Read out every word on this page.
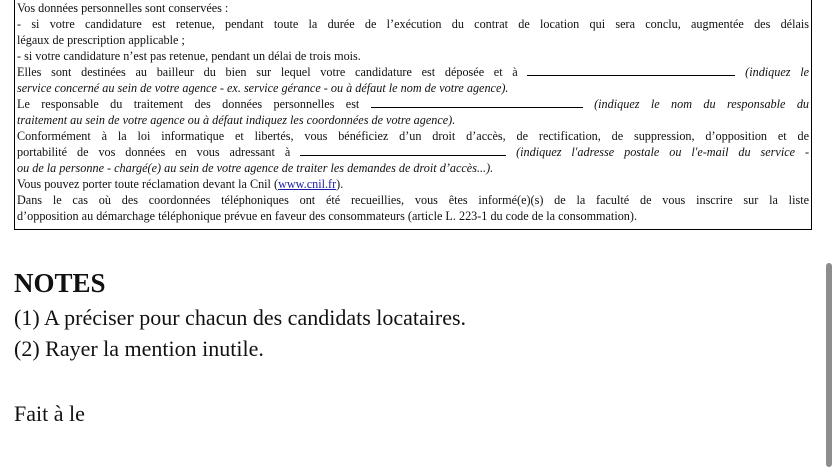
Vos données personnelles sont conservées :

- si votre candidature est retenue, pendant toute la durée de l’exécution du contrat de location qui sera conclu, augmentée des délais

légaux de prescription applicable ;

- si votre candidature n’est pas retenue, pendant un délai de trois mois.

Elles sont destinées au bailleur du bien sur lequel votre candidature est déposée et à	(indiquez le

service concerné au sein de votre agence - ex. service gérance - ou à défaut le nom de votre agence).

Le responsable du traitement des données personnelles est	(indiquez le nom du responsable du

traitement au sein de votre agence ou à défaut indiquez les coordonnées de votre agence).

Conformément à la loi informatique et libertés, vous bénéficiez d’un droit d’accès, de rectification, de suppression, d’opposition et de

portabilité de vos données en vous adressant à	(indiquez l'adresse postale ou l'e-mail du service -

ou de la personne - chargé(e) au sein de votre agence de traiter les demandes de droit d’accès...).

Vous pouvez porter toute réclamation devant la Cnil (www.cnil.fr).

Dans le cas où des coordonnées téléphoniques ont été recueillies, vous êtes informé(e)(s) de la faculté de vous inscrire sur la liste

d’opposition au démarchage téléphonique prévue en faveur des consommateurs (article L. 223-1 du code de la consommation).

NOTES

(1) A préciser pour chacun des candidats locataires.

(2) Rayer la mention inutile.

Fait à le
